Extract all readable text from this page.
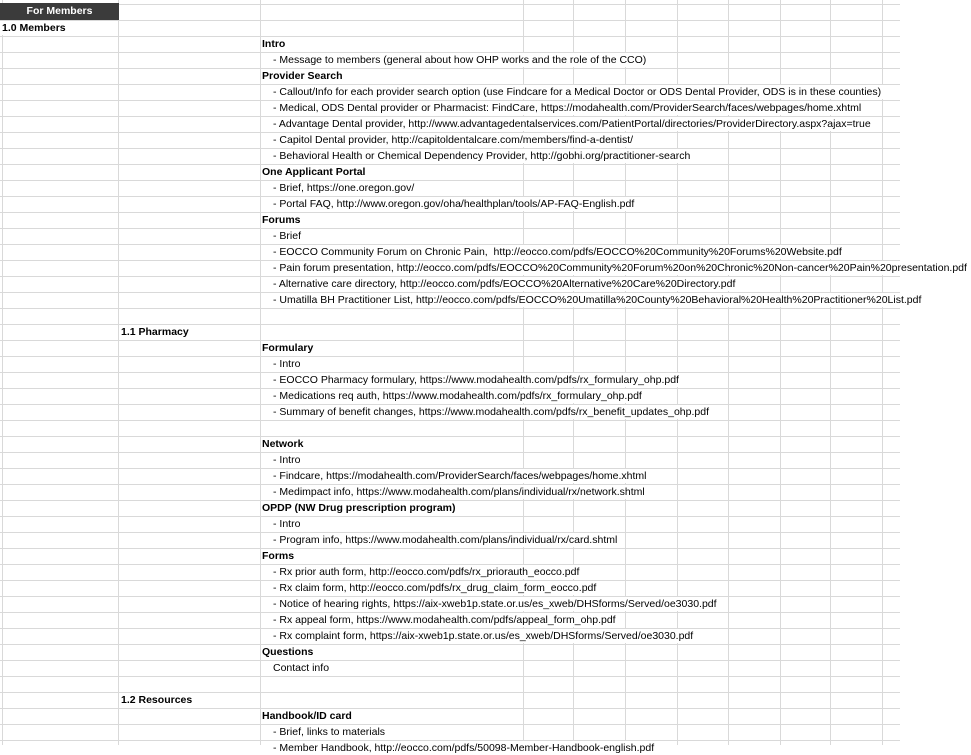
1.0 Members
Intro
- Message to members (general about how OHP works and the role of the CCO)
Provider Search
- Callout/Info for each provider search option (use Findcare for a Medical Doctor or ODS Dental Provider, ODS is in these counties)
- Medical, ODS Dental provider or Pharmacist: FindCare, https://modahealth.com/ProviderSearch/faces/webpages/home.xhtml
- Advantage Dental provider, http://www.advantagedentalservices.com/PatientPortal/directories/ProviderDirectory.aspx?ajax=true
- Capitol Dental provider, http://capitoldentalcare.com/members/find-a-dentist/
- Behavioral Health or Chemical Dependency Provider, http://gobhi.org/practitioner-search
One Applicant Portal
- Brief, https://one.oregon.gov/
- Portal FAQ, http://www.oregon.gov/oha/healthplan/tools/AP-FAQ-English.pdf
Forums
- Brief
- EOCCO Community Forum on Chronic Pain,  http://eocco.com/pdfs/EOCCO%20Community%20Forums%20Website.pdf
- Pain forum presentation, http://eocco.com/pdfs/EOCCO%20Community%20Forum%20on%20Chronic%20Non-cancer%20Pain%20presentation.pdf
- Alternative care directory, http://eocco.com/pdfs/EOCCO%20Alternative%20Care%20Directory.pdf
- Umatilla BH Practitioner List, http://eocco.com/pdfs/EOCCO%20Umatilla%20County%20Behavioral%20Health%20Practitioner%20List.pdf
1.1 Pharmacy
Formulary
- Intro
- EOCCO Pharmacy formulary, https://www.modahealth.com/pdfs/rx_formulary_ohp.pdf
- Medications req auth, https://www.modahealth.com/pdfs/rx_formulary_ohp.pdf
- Summary of benefit changes, https://www.modahealth.com/pdfs/rx_benefit_updates_ohp.pdf
Network
- Intro
- Findcare, https://modahealth.com/ProviderSearch/faces/webpages/home.xhtml
- Medimpact info, https://www.modahealth.com/plans/individual/rx/network.shtml
OPDP (NW Drug prescription program)
- Intro
- Program info, https://www.modahealth.com/plans/individual/rx/card.shtml
Forms
- Rx prior auth form, http://eocco.com/pdfs/rx_priorauth_eocco.pdf
- Rx claim form, http://eocco.com/pdfs/rx_drug_claim_form_eocco.pdf
- Notice of hearing rights, https://aix-xweb1p.state.or.us/es_xweb/DHSforms/Served/oe3030.pdf
- Rx appeal form, https://www.modahealth.com/pdfs/appeal_form_ohp.pdf
- Rx complaint form, https://aix-xweb1p.state.or.us/es_xweb/DHSforms/Served/oe3030.pdf
Questions
Contact info
1.2 Resources
Handbook/ID card
- Brief, links to materials
- Member Handbook, http://eocco.com/pdfs/50098-Member-Handbook-english.pdf
For Members
